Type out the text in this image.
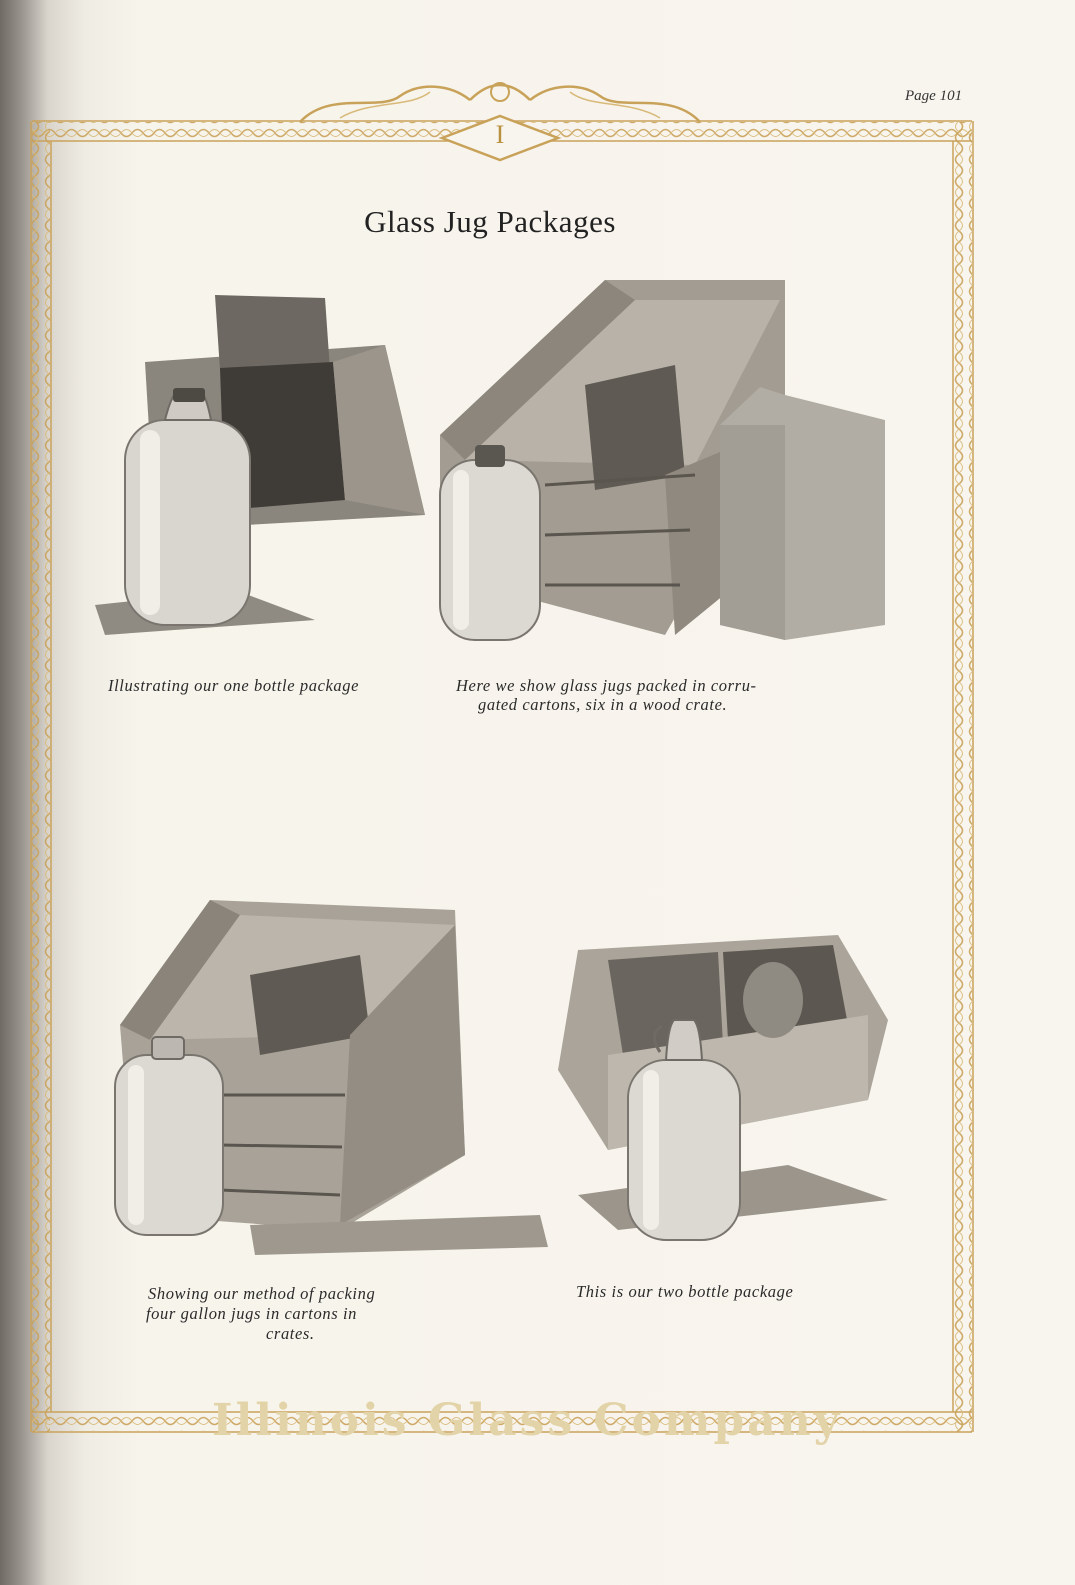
Page 101
I
Glass Jug Packages
Illustrating our one bottle package	Here we show glass jugs packed in corru-
gated cartons, six in a wood crate.
Showing our method of packing
four gallon jugs in cartons in
crates.
This is our two bottle package
Illinois Glass Company
